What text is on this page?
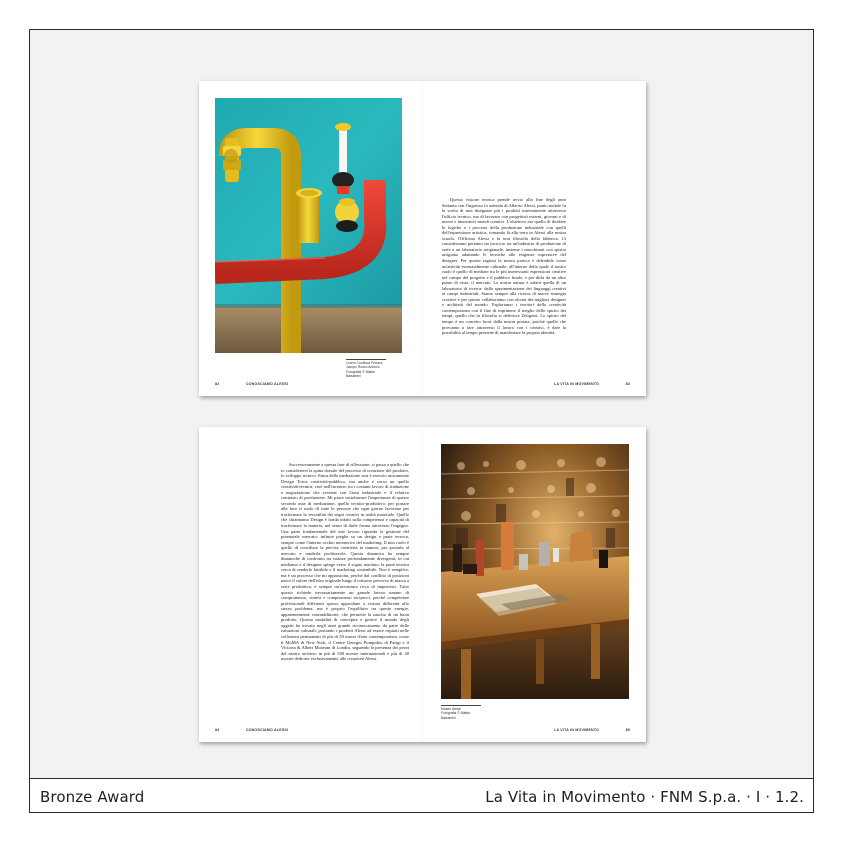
Lorem Continua Ferrazz
Jacopo Rosso Antonio
Fotografia © Mattia Balsamini

Questa visione teorica prende avvio alla fine degli anni Settanta con l'ingresso in azienda di Alberto Alessi, punto nodale fu la scelta di non disegnare più i prodotti internamente attraverso l'ufficio tecnico, ma di lavorare con progettisti esterni, giovani e di nuove e innovativi mondi creativi. L'obiettivo era quello di ibridare le logiche e i processi della produzione industriale con quelli dell'espressione artistica, tornando là alla terra in Alessi alla nostra scuola, l'Officina Alessi e la non filosofia della fabbrica. Ci consideriamo pertanto un incrocio tra un'industria di produzione di serie e un laboratorio artigianale, insieme i macchinari con spirito artigiano adattando le tecniche alle esigenze espressive del designer. Per queste ragioni la nostra pratica è definibile come un'attività essenzialmente culturale, all'interno della quale il nostro ruolo è quello di mediare tra le più interessanti espressioni creative nel campo del progetto e il pubblico finale, o per dirla da un altro punto di vista, il mercato. La nostra natura è infatti quella di un laboratorio di ricerca: dalla sperimentazione dei linguaggi creativi ai campi industriali. Siamo sempre alla ricerca di nuove strategie creative e per questo collaboriamo con alcuni dei migliori designer e architetti del mondo. Esploriamo i territori della creatività contemporanea con il fine di esprimere il meglio dello spirito dei tempi, quello che in filosofia si definisce Zeitgeist. Lo spirito del tempo è un concetto fuori dalla nostra portata, poiché quello che proviamo a fare attraverso il lavoro con i creativi, è dare la possibilità al tempo presente di manifestare la propria identità.

82	CONOSCIAMO ALESSI	LA VITA IN MOVIMENTO	83

Successivamente a questa fase di riflessione, si passa a quello che io considererei la spina dorsale del processo di creazione del prodotto, lo sviluppo tecnico. Entra della mediazione non è esercito unicamente Design Tosca creatività-pubblico, ma anche e verso un quello creatività-tecnica, cioè nell'incontro tra i costanti lavoro di traduzione e negoziazione che avviene con l'area industriale e il relativo contrasto di produzione. Mi piace sottolineare l'importanza di questo secondo asse di mediazione, quello tecnico-produttivo, per portare alla luce il ruolo di tutte le persone che ogni giorno lavorano per trasformare la versatilità dei segni creativi in realtà materiale. Quello che chiamiamo Design è fonda infatti sulla competenza e capacità di trasformare la materia, nel senso di darle forma attraverso l'ingegno. Una parte fondamentale del mio lavoro riguarda la gestione del potenziale mercato: infinite pieghe su un design e parte tecnica, sempre come l'interno occhio neomerico del marketing. Il mio ruolo è quello di conciliare la precisa creatività in numeri, per portarla al mercato e renderla profittevole. Questa dinamica ha sempre dinamiche di confronto tra istanze profondamente divergenti, in cui mediamo e il designer spinge verso il sogno assoluto, la parte tecnica cerca di renderlo fattibile e il marketing sostenibile. Non è semplice, ma è un processo che mi appassiona, perché dal conflitto di posizioni nasce il valore dell'idea originale lungo il tortuoso percorso di massa a serie produttiva, è sempre un'avventura ricca di imprevisti. Tutto questo richiede necessariamente un grande lavoro umano di compromesso, sintesi e compromessi reciproci, perché competenze professionali differenti spesso approdano a visioni differenti allo stesso problema, ma è proprio l'equilibrio tra queste energie, apparentemente contraddittorie, che permette la nascita di un buon prodotto. Questa modalità di concepire e gestire il mondo degli oggetti ha trovato negli anni grande riconoscimento da parte delle istituzioni culturali, portando i prodotti Alessi ad essere ospitati nelle collezioni permanenti di più di 50 musei d'arte contemporanea, come il MoMA di New York, il Centre Georges Pompidou di Parigi e il Victoria & Albert Museum di Londra, seguendo la presenza dei pezzi del nostro archivio in più di 500 mostre internazionali e più di 40 mostre dedicate esclusivamente alle creazioni Alessi.

Museo Alessi
Fotografia © Mattia Balsamini
84	CONOSCIAMO ALESSI	LA VITA IN MOVIMENTO	85
Bronze Award	La Vita in Movimento · FNM S.p.a. · I · 1.2.
